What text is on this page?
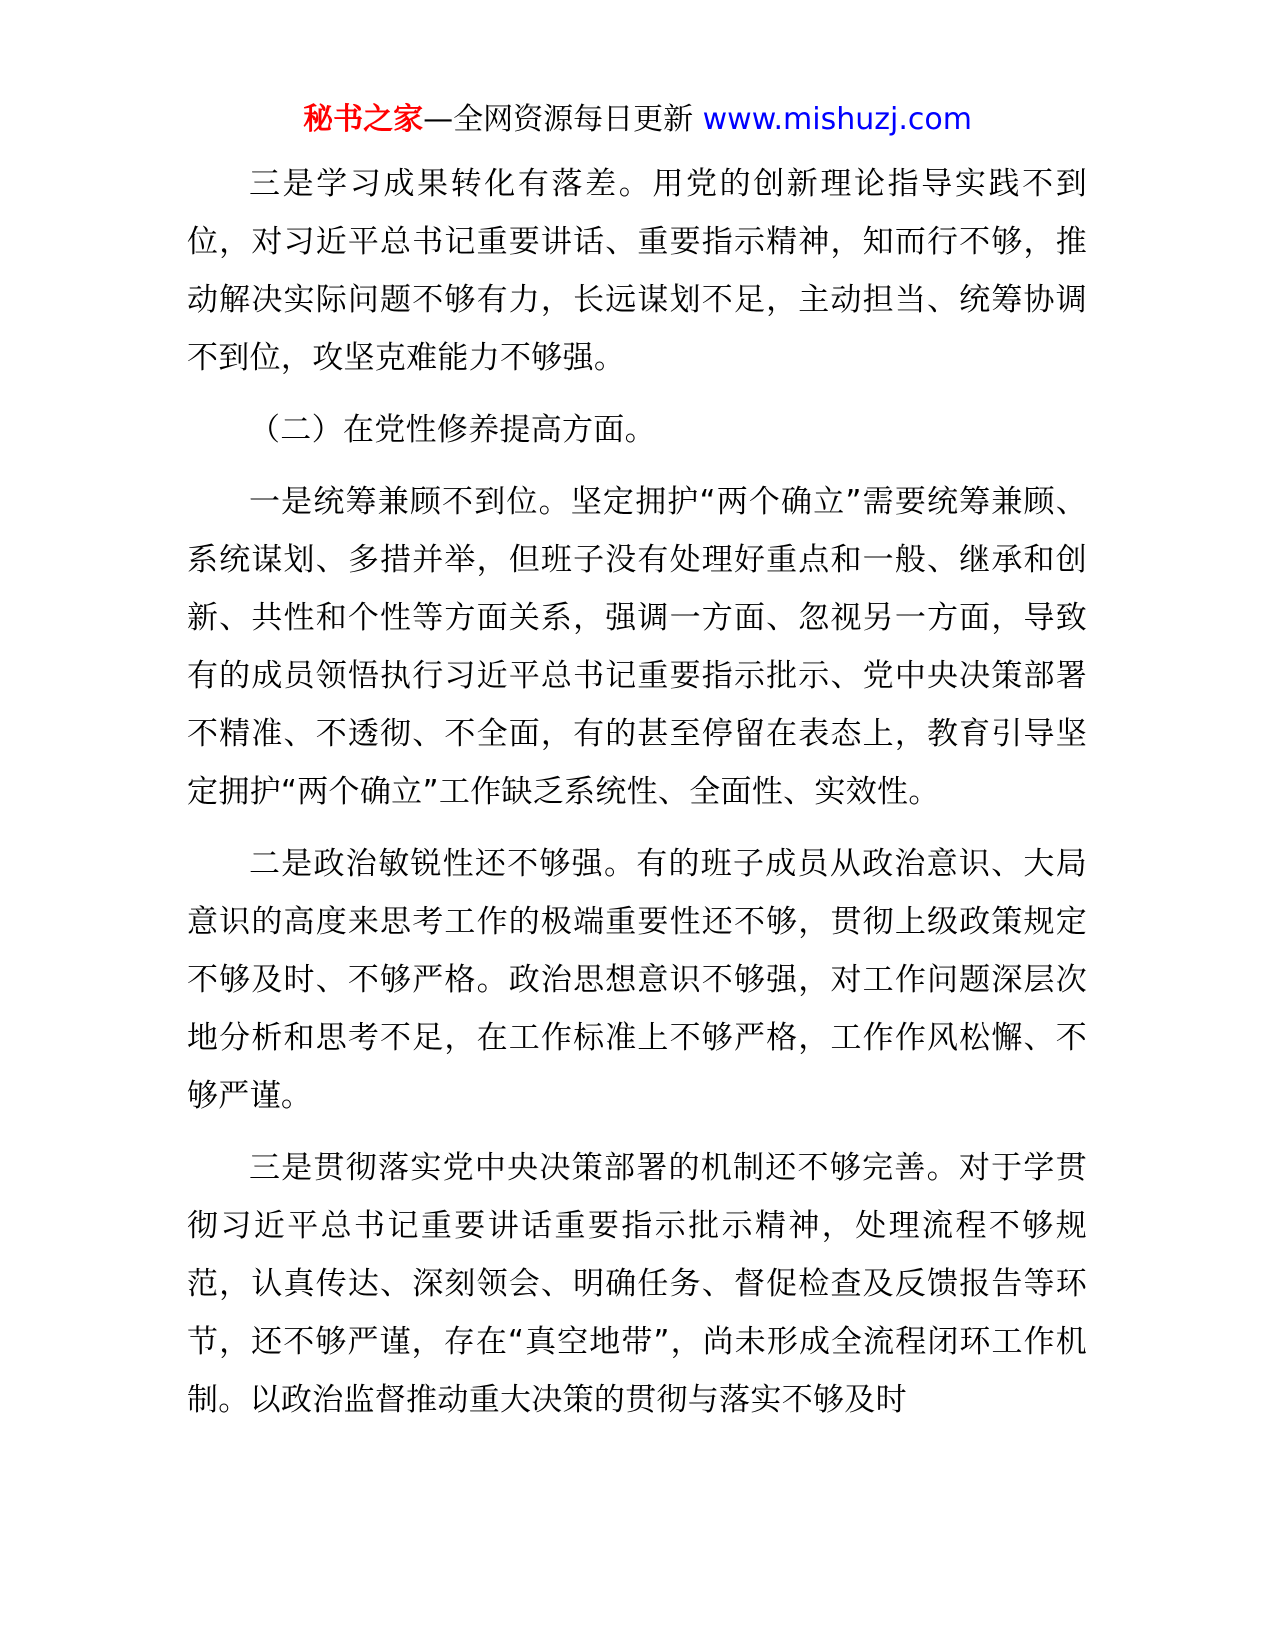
秘书之家—全网资源每日更新 www.mishuzj.com

三是学习成果转化有落差。用党的创新理论指导实践不到位，对习近平总书记重要讲话、重要指示精神，知而行不够，推动解决实际问题不够有力，长远谋划不足，主动担当、统筹协调不到位，攻坚克难能力不够强。

（二）在党性修养提高方面。

一是统筹兼顾不到位。坚定拥护“两个确立”需要统筹兼顾、系统谋划、多措并举，但班子没有处理好重点和一般、继承和创新、共性和个性等方面关系，强调一方面、忽视另一方面，导致有的成员领悟执行习近平总书记重要指示批示、党中央决策部署不精准、不透彻、不全面，有的甚至停留在表态上，教育引导坚定拥护“两个确立”工作缺乏系统性、全面性、实效性。

二是政治敏锐性还不够强。有的班子成员从政治意识、大局意识的高度来思考工作的极端重要性还不够，贯彻上级政策规定不够及时、不够严格。政治思想意识不够强，对工作问题深层次地分析和思考不足，在工作标准上不够严格，工作作风松懈、不够严谨。

三是贯彻落实党中央决策部署的机制还不够完善。对于学贯彻习近平总书记重要讲话重要指示批示精神，处理流程不够规范，认真传达、深刻领会、明确任务、督促检查及反馈报告等环节，还不够严谨，存在“真空地带”，尚未形成全流程闭环工作机制。以政治监督推动重大决策的贯彻与落实不够及时
